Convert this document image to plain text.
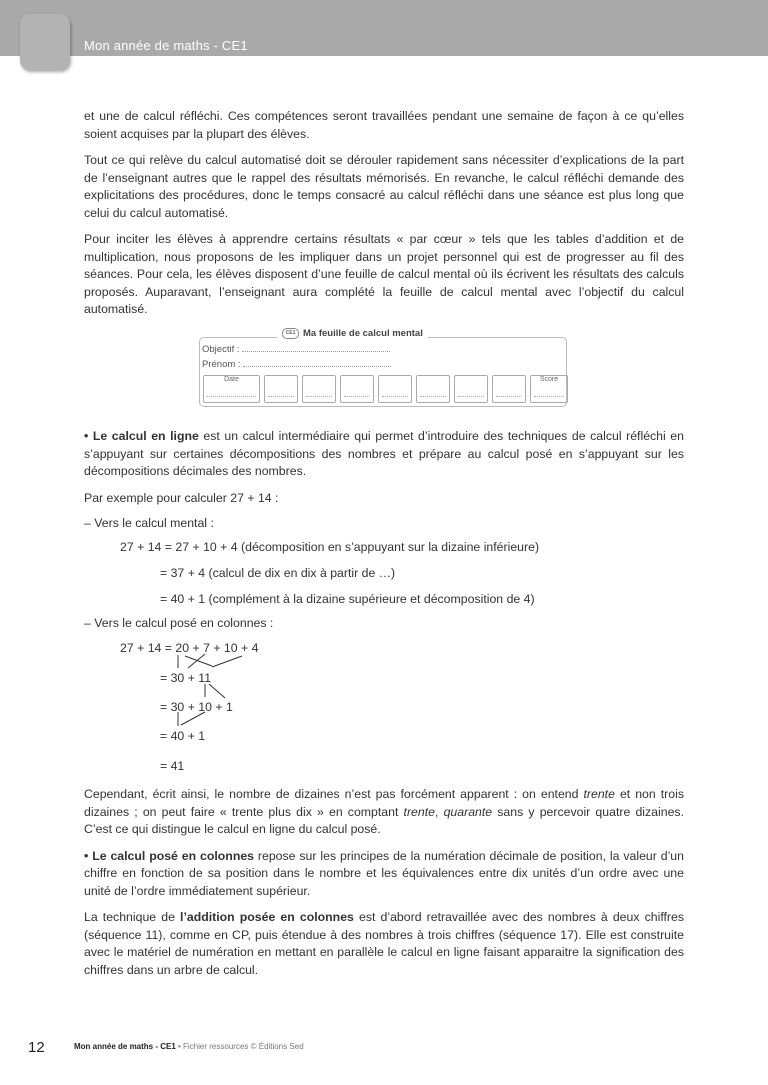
Mon année de maths - CE1

et une de calcul réfléchi. Ces compétences seront travaillées pendant une semaine de façon à ce qu’elles soient acquises par la plupart des élèves.

Tout ce qui relève du calcul automatisé doit se dérouler rapidement sans nécessiter d’explications de la part de l’enseignant autres que le rappel des résultats mémorisés. En revanche, le calcul réfléchi demande des explicitations des procédures, donc le temps consacré au calcul réfléchi dans une séance est plus long que celui du calcul automatisé.

Pour inciter les élèves à apprendre certains résultats « par cœur » tels que les tables d’addition et de multiplication, nous proposons de les impliquer dans un projet personnel qui est de progresser au fil des séances. Pour cela, les élèves disposent d’une feuille de calcul mental où ils écrivent les résultats des calculs proposés. Auparavant, l’enseignant aura complété la feuille de calcul mental avec l’objectif du calcul automatisé.

CE1 Ma feuille de calcul mental
Objectif :
Prénom :
Date	Score

• Le calcul en ligne est un calcul intermédiaire qui permet d’introduire des techniques de calcul réfléchi en s’appuyant sur certaines décompositions des nombres et prépare au calcul posé en s’appuyant sur les décompositions décimales des nombres.

Par exemple pour calculer 27 + 14 :

– Vers le calcul mental :

27 + 14 = 27 + 10 + 4 (décomposition en s’appuyant sur la dizaine inférieure)
= 37 + 4 (calcul de dix en dix à partir de …)
= 40 + 1 (complément à la dizaine supérieure et décomposition de 4)
– Vers le calcul posé en colonnes :
27 + 14 = 20 + 7 + 10 + 4
= 30 + 11
= 30 + 10 + 1
= 40 + 1
= 41

Cependant, écrit ainsi, le nombre de dizaines n’est pas forcément apparent : on entend trente et non trois dizaines ; on peut faire « trente plus dix » en comptant trente, quarante sans y percevoir quatre dizaines. C’est ce qui distingue le calcul en ligne du calcul posé.

• Le calcul posé en colonnes repose sur les principes de la numération décimale de position, la valeur d’un chiffre en fonction de sa position dans le nombre et les équivalences entre dix unités d’un ordre avec une unité de l’ordre immédiatement supérieur.

La technique de l’addition posée en colonnes est d’abord retravaillée avec des nombres à deux chiffres (séquence 11), comme en CP, puis étendue à des nombres à trois chiffres (séquence 17). Elle est construite avec le matériel de numération en mettant en parallèle le calcul en ligne faisant apparaitre la signification des chiffres dans un arbre de calcul.

12	Mon année de maths - CE1 • Fichier ressources © Éditions Sed
